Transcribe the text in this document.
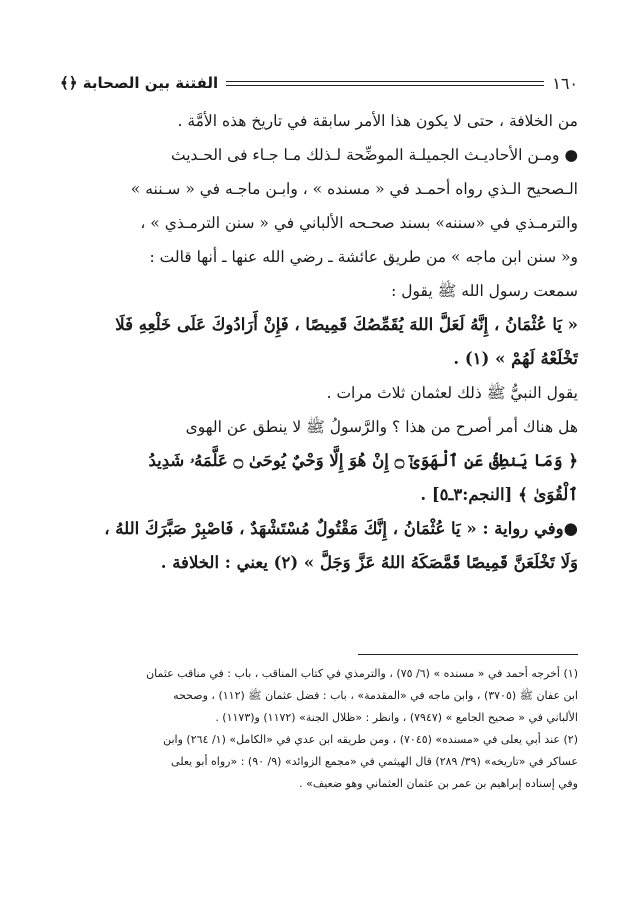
١٦٠
الفتنة بين الصحابة ﴿﴾
من الخلافة ، حتى لا يكون هذا الأمر سابقة في تاريخ هذه الأمَّة .
● ومـن الأحاديـث الجميلـة الموضِّحة لـذلك مـا جـاء فى الحـديث
الـصحيح الـذي رواه أحمـد في « مسنده » ، وابـن ماجـه في « سـننه »
والترمـذي في «سننه» بسند صحـحه الألباني في « سنن الترمـذي » ،
و« سنن ابن ماجه » من طريق عائشة ـ رضي الله عنها ـ أنها قالت :
سمعت رسول الله ﷺ يقول :
« يَا عُثْمَانُ ، إِنَّهُ لَعَلَّ اللهَ يُقَمِّصُكَ قَمِيصًا ، فَإِنْ أَرَادُوكَ عَلَى خَلْعِهِ فَلَا
تَخْلَعْهُ لَهُمْ » (١) .
يقول النبيُّ ﷺ ذلك لعثمان ثلاث مرات .
هل هناك أمر أصرح من هذا ؟ والرَّسولُ ﷺ لا ينطق عن الهوى
﴿ وَمَا يَنطِقُ عَنِ ٱلْهَوَىٰٓ ۝ إِنْ هُوَ إِلَّا وَحْيٌ يُوحَىٰ ۝ عَلَّمَهُۥ شَدِيدُ
ٱلْقُوَىٰ ﴾ [النجم:٣ـ٥] .
●وفي رواية : « يَا عُثْمَانُ ، إِنَّكَ مَقْتُولٌ مُسْتَشْهَدٌ ، فَاصْبِرْ صَبَّرَكَ اللهُ ،
وَلَا تَخْلَعَنَّ قَمِيصًا قَمَّصَكَهُ اللهُ عَزَّ وَجَلَّ » (٢) يعني : الخلافة .
(١) أخرجه أحمد في « مسنده » (٦/ ٧٥) ، والترمذي في كتاب المناقب ، باب : في مناقب عثمان
ابن عفان ﷺ (٣٧٠٥) ، وابن ماجه في «المقدمة» ، باب : فضل عثمان ﷺ (١١٢) ، وصححه
الألباني في « صحيح الجامع » (٧٩٤٧) ، وانظر : «ظلال الجنة» (١١٧٢) و(١١٧٣) .
(٢) عند أبي يعلى في «مسنده» (٧٠٤٥) ، ومن طريقه ابن عدي في «الكامل» (١/ ٢٦٤) وابن
عساكر في «تاريخه» (٣٩/ ٢٨٩) قال الهيثمي في «مجمع الزوائد» (٩/ ٩٠) : «رواه أبو يعلى
وفي إسناده إبراهيم بن عمر بن عثمان العثماني وهو ضعيف» .
